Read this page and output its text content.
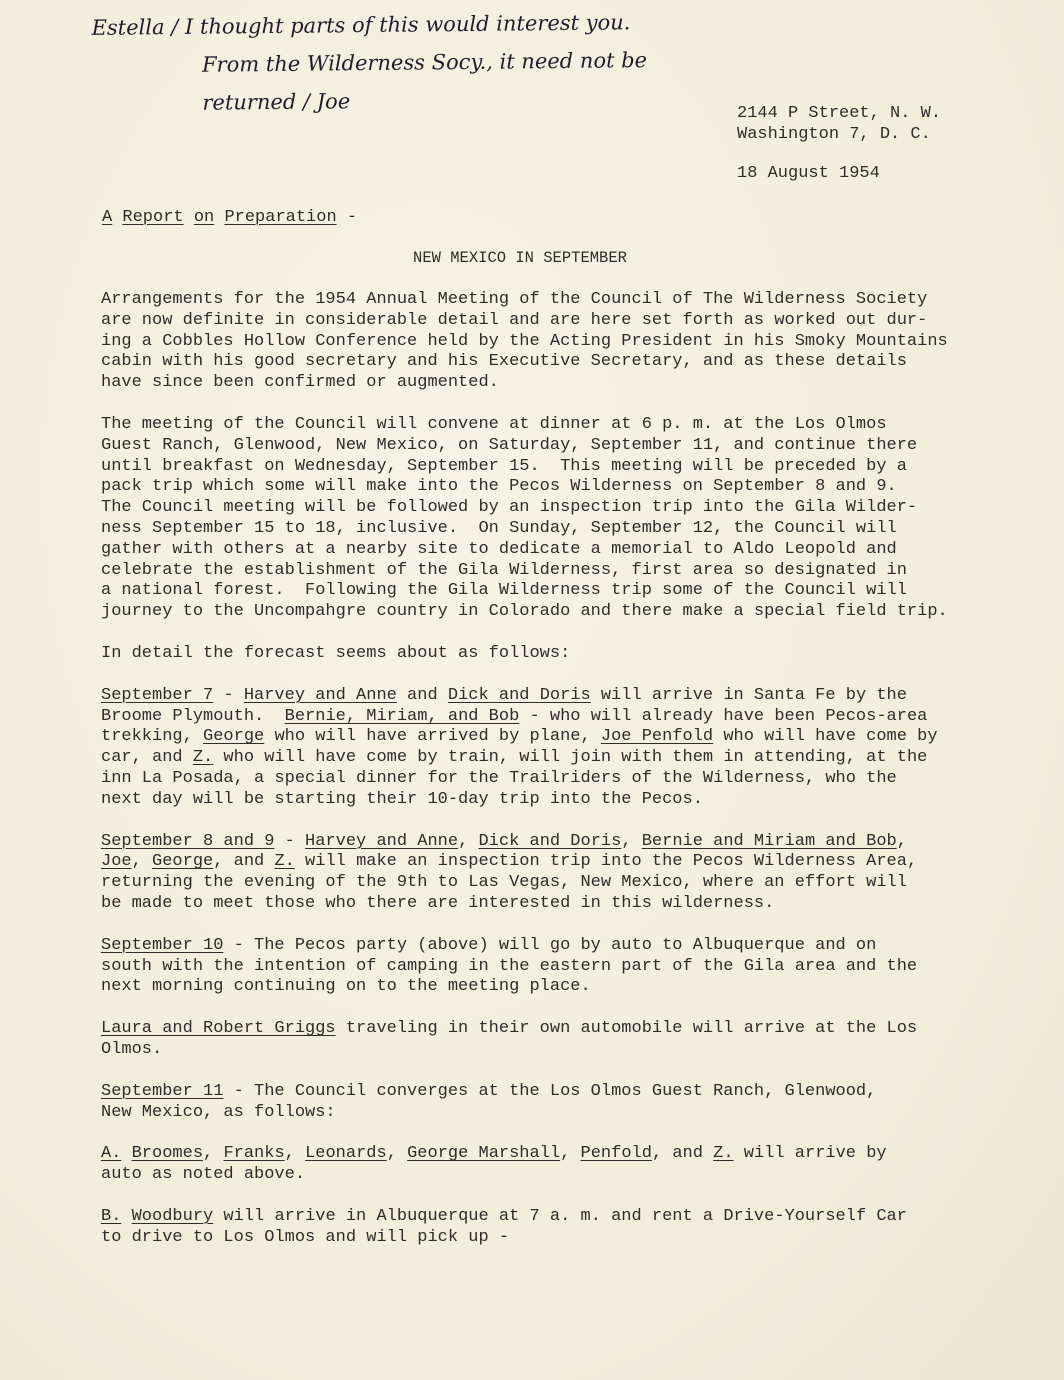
Estella / I thought parts of this would interest you.
From the Wilderness Socy., it need not be
returned / Joe	2144 P Street, N. W.
Washington 7, D. C.
18 August 1954
A Report on Preparation -
NEW MEXICO IN SEPTEMBER

Arrangements for the 1954 Annual Meeting of the Council of The Wilderness Society
are now definite in considerable detail and are here set forth as worked out dur-
ing a Cobbles Hollow Conference held by the Acting President in his Smoky Mountains
cabin with his good secretary and his Executive Secretary, and as these details
have since been confirmed or augmented.

The meeting of the Council will convene at dinner at 6 p. m. at the Los Olmos
Guest Ranch, Glenwood, New Mexico, on Saturday, September 11, and continue there
until breakfast on Wednesday, September 15.  This meeting will be preceded by a
pack trip which some will make into the Pecos Wilderness on September 8 and 9.
The Council meeting will be followed by an inspection trip into the Gila Wilder-
ness September 15 to 18, inclusive.  On Sunday, September 12, the Council will
gather with others at a nearby site to dedicate a memorial to Aldo Leopold and
celebrate the establishment of the Gila Wilderness, first area so designated in
a national forest.  Following the Gila Wilderness trip some of the Council will
journey to the Uncompahgre country in Colorado and there make a special field trip.

In detail the forecast seems about as follows:

September 7 - Harvey and Anne and Dick and Doris will arrive in Santa Fe by the
Broome Plymouth.  Bernie, Miriam, and Bob - who will already have been Pecos-area
trekking, George who will have arrived by plane, Joe Penfold who will have come by
car, and Z. who will have come by train, will join with them in attending, at the
inn La Posada, a special dinner for the Trailriders of the Wilderness, who the
next day will be starting their 10-day trip into the Pecos.

September 8 and 9 - Harvey and Anne, Dick and Doris, Bernie and Miriam and Bob,
Joe, George, and Z. will make an inspection trip into the Pecos Wilderness Area,
returning the evening of the 9th to Las Vegas, New Mexico, where an effort will
be made to meet those who there are interested in this wilderness.

September 10 - The Pecos party (above) will go by auto to Albuquerque and on
south with the intention of camping in the eastern part of the Gila area and the
next morning continuing on to the meeting place.

Laura and Robert Griggs traveling in their own automobile will arrive at the Los
Olmos.

September 11 - The Council converges at the Los Olmos Guest Ranch, Glenwood,
New Mexico, as follows:

A. Broomes, Franks, Leonards, George Marshall, Penfold, and Z. will arrive by
auto as noted above.

B. Woodbury will arrive in Albuquerque at 7 a. m. and rent a Drive-Yourself Car
to drive to Los Olmos and will pick up -
